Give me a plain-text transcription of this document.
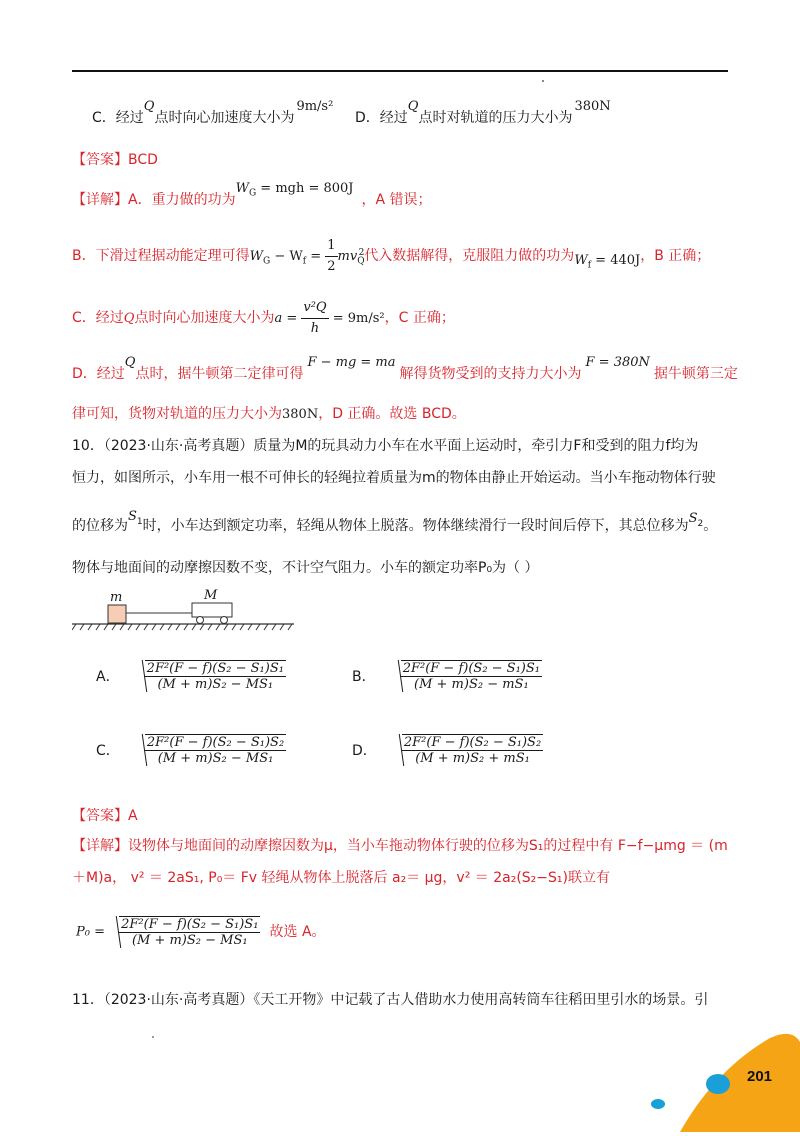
C．经过Q点时向心加速度大小为9m/s²
D．经过Q点时对轨道的压力大小为380N
【答案】BCD
【详解】A．重力做的功为$W_G$ = mgh = 800J，A 错误；
B．下滑过程据动能定理可得$W_G - W_f = \frac{1}{2} mv_Q^2$代入数据解得，克服阻力做的功为$W_f = 440J$，B 正确；
C．经过Q点时向心加速度大小为$a = \frac{\text{v²Q}}{h} = 9m/s^2$，C 正确；
D．经过Q点时，据牛顿第二定律可得F − mg = ma解得货物受到的支持力大小为F = 380N据牛顿第三定
律可知，货物对轨道的压力大小为380N，D 正确。故选 BCD。
10．（2023·山东·高考真题）质量为M的玩具动力小车在水平面上运动时，牵引力F和受到的阻力f均为
恒力，如图所示，小车用一根不可伸长的轻绳拉着质量为m的物体由静止开始运动。当小车拖动物体行驶
的位移为$S_1$时，小车达到额定功率，轻绳从物体上脱落。物体继续滑行一段时间后停下，其总位移为$S_2$。
物体与地面间的动摩擦因数不变，不计空气阻力。小车的额定功率P₀为（ ）
m	M
A． $\frac{\text{2F²(F − f)(S₂ − S₁)S₁}}{\text{(M + m)S₂ − MS₁}}$	B． $\frac{\text{2F²(F − f)(S₂ − S₁)S₁}}{\text{(M + m)S₂ − mS₁}}$
C． $\frac{\text{2F²(F − f)(S₂ − S₁)S₂}}{\text{(M + m)S₂ − MS₁}}$	D． $\frac{\text{2F²(F − f)(S₂ − S₁)S₂}}{\text{(M + m)S₂ + mS₁}}$
【答案】A
【详解】设物体与地面间的动摩擦因数为μ，当小车拖动物体行驶的位移为S₁的过程中有 F−f−μmg ＝ (m
＋M)a， v² ＝ 2aS₁, P₀＝ Fv 轻绳从物体上脱落后 a₂＝ μg，v² ＝ 2a₂(S₂−S₁)联立有
$P_0 = \frac{\text{2F²(F − f)(S₂ − S₁)S₁}}{\text{(M + m)S₂ − MS₁}}$ 故选 A。
11．（2023·山东·高考真题）《天工开物》中记载了古人借助水力使用高转筒车往稻田里引水的场景。引
201
